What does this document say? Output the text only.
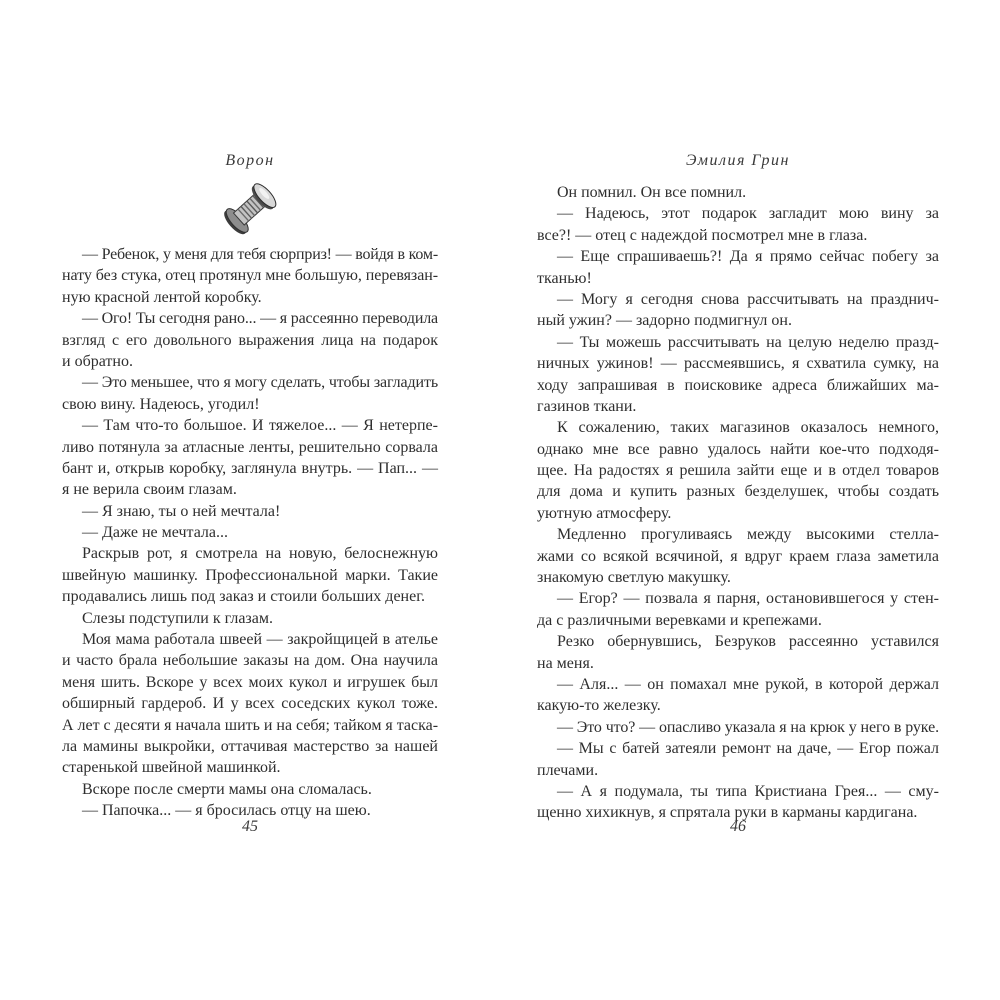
Ворон
— Ребенок, у меня для тебя сюрприз! — войдя в ком-
нату без стука, отец протянул мне большую, перевязан-
ную красной лентой коробку.
— Ого! Ты сегодня рано... — я рассеянно переводила
взгляд с его довольного выражения лица на подарок
и обратно.
— Это меньшее, что я могу сделать, чтобы загладить
свою вину. Надеюсь, угодил!
— Там что-то большое. И тяжелое... — Я нетерпе-
ливо потянула за атласные ленты, решительно сорвала
бант и, открыв коробку, заглянула внутрь. — Пап... —
я не верила своим глазам.
— Я знаю, ты о ней мечтала!
— Даже не мечтала...
Раскрыв рот, я смотрела на новую, белоснежную
швейную машинку. Профессиональной марки. Такие
продавались лишь под заказ и стоили больших денег.
Слезы подступили к глазам.
Моя мама работала швеей — закройщицей в ателье
и часто брала небольшие заказы на дом. Она научила
меня шить. Вскоре у всех моих кукол и игрушек был
обширный гардероб. И у всех соседских кукол тоже.
А лет с десяти я начала шить и на себя; тайком я таска-
ла мамины выкройки, оттачивая мастерство за нашей
старенькой швейной машинкой.
Вскоре после смерти мамы она сломалась.
— Папочка... — я бросилась отцу на шею.
45
Эмилия Грин
Он помнил. Он все помнил.
— Надеюсь, этот подарок загладит мою вину за
все?! — отец с надеждой посмотрел мне в глаза.
— Еще спрашиваешь?! Да я прямо сейчас побегу за
тканью!
— Могу я сегодня снова рассчитывать на празднич-
ный ужин? — задорно подмигнул он.
— Ты можешь рассчитывать на целую неделю празд-
ничных ужинов! — рассмеявшись, я схватила сумку, на
ходу запрашивая в поисковике адреса ближайших ма-
газинов ткани.
К сожалению, таких магазинов оказалось немного,
однако мне все равно удалось найти кое-что подходя-
щее. На радостях я решила зайти еще и в отдел товаров
для дома и купить разных безделушек, чтобы создать
уютную атмосферу.
Медленно прогуливаясь между высокими стелла-
жами со всякой всячиной, я вдруг краем глаза заметила
знакомую светлую макушку.
— Егор? — позвала я парня, остановившегося у стен-
да с различными веревками и крепежами.
Резко обернувшись, Безруков рассеянно уставился
на меня.
— Аля... — он помахал мне рукой, в которой держал
какую-то железку.
— Это что? — опасливо указала я на крюк у него в руке.
— Мы с батей затеяли ремонт на даче, — Егор пожал
плечами.
— А я подумала, ты типа Кристиана Грея... — сму-
щенно хихикнув, я спрятала руки в карманы кардигана.
46
